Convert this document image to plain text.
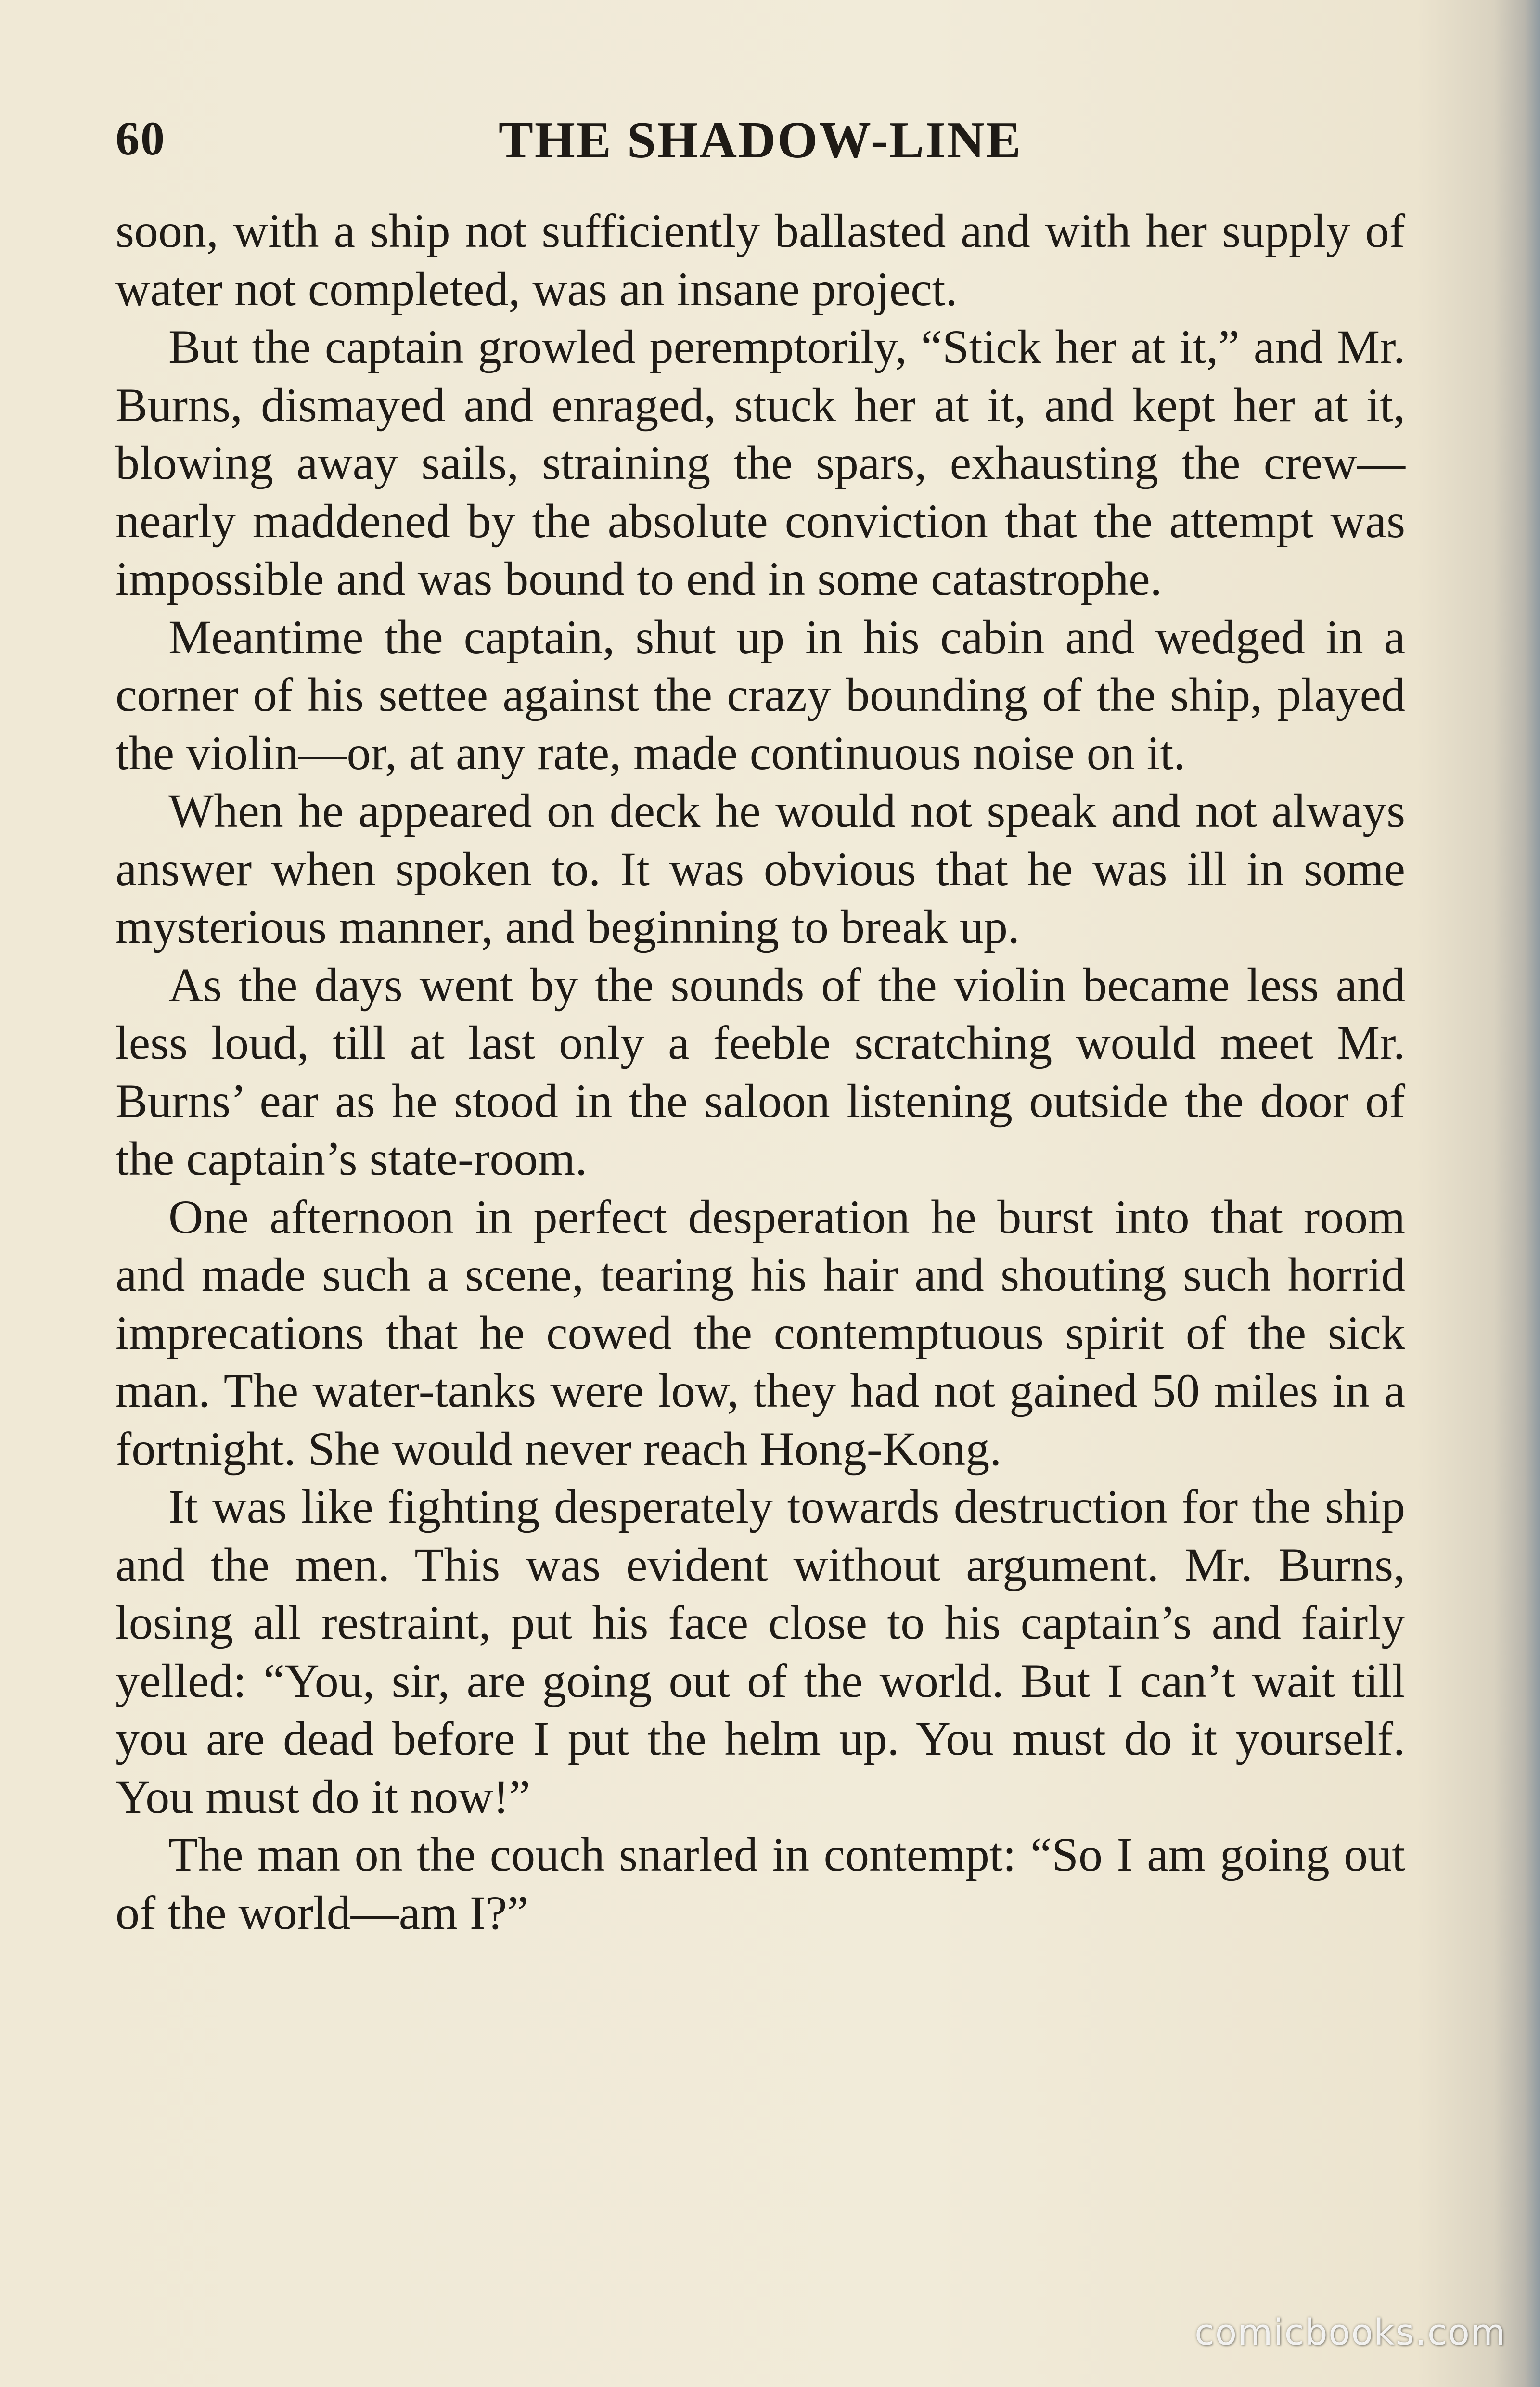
60	THE SHADOW-LINE

soon, with a ship not sufficiently ballasted and with her supply of water not completed, was an insane project.

But the captain growled peremptorily, “Stick her at it,” and Mr. Burns, dismayed and enraged, stuck her at it, and kept her at it, blowing away sails, straining the spars, exhausting the crew—nearly maddened by the absolute conviction that the attempt was impossible and was bound to end in some catastrophe.

Meantime the captain, shut up in his cabin and wedged in a corner of his settee against the crazy bounding of the ship, played the violin—or, at any rate, made continuous noise on it.

When he appeared on deck he would not speak and not always answer when spoken to. It was obvious that he was ill in some mysterious manner, and beginning to break up.

As the days went by the sounds of the violin became less and less loud, till at last only a feeble scratching would meet Mr. Burns’ ear as he stood in the saloon listening outside the door of the captain’s state-room.

One afternoon in perfect desperation he burst into that room and made such a scene, tearing his hair and shouting such horrid imprecations that he cowed the contemptuous spirit of the sick man. The water-tanks were low, they had not gained 50 miles in a fortnight. She would never reach Hong-Kong.

It was like fighting desperately towards destruction for the ship and the men. This was evident without argument. Mr. Burns, losing all restraint, put his face close to his captain’s and fairly yelled: “You, sir, are going out of the world. But I can’t wait till you are dead before I put the helm up. You must do it yourself. You must do it now!”

The man on the couch snarled in contempt: “So I am going out of the world—am I?”

comicbooks.com
